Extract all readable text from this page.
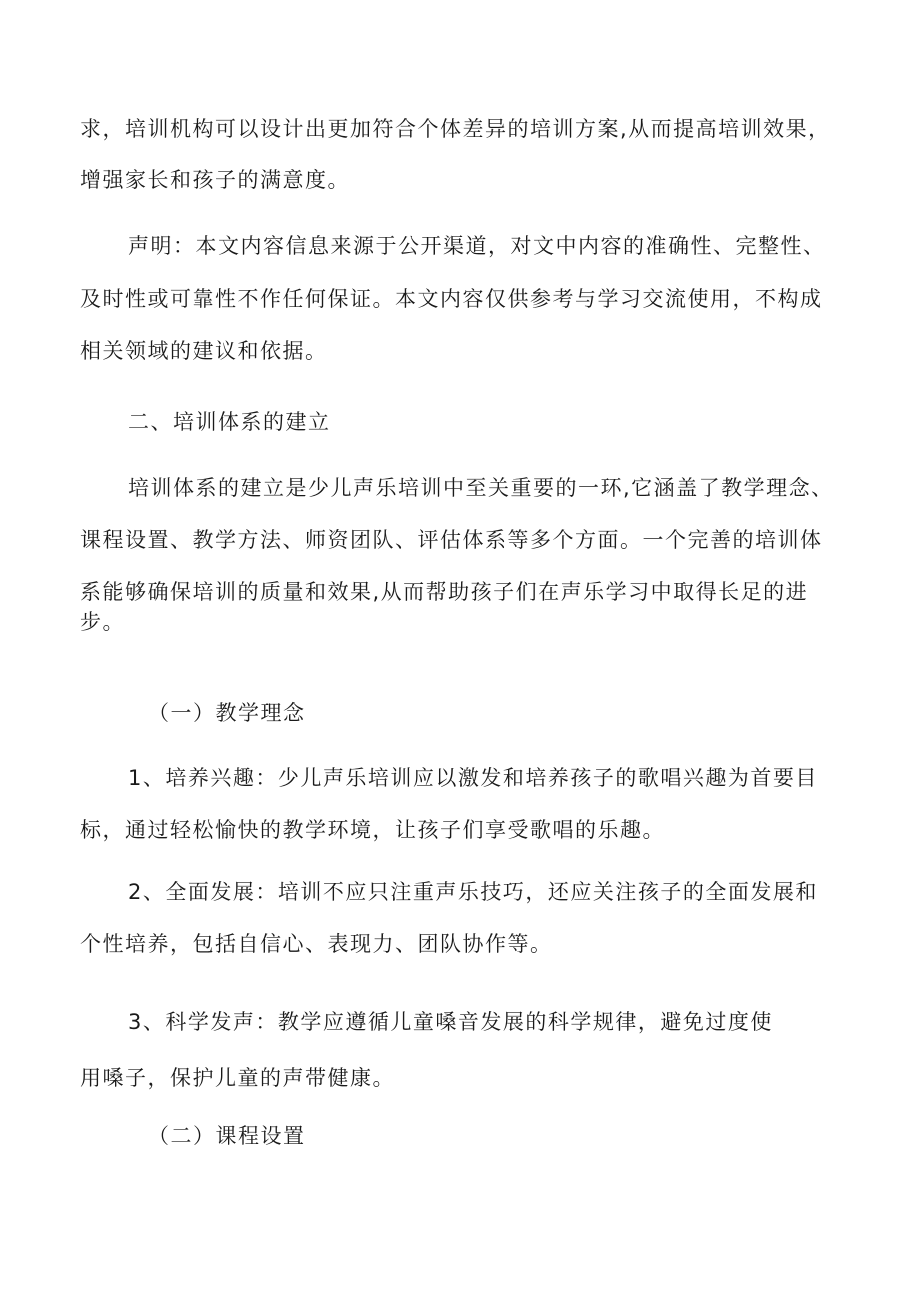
求，培训机构可以设计出更加符合个体差异的培训方案,从而提高培训效果，
增强家长和孩子的满意度。
声明：本文内容信息来源于公开渠道，对文中内容的准确性、完整性、
及时性或可靠性不作任何保证。本文内容仅供参考与学习交流使用，不构成
相关领域的建议和依据。
二、培训体系的建立
培训体系的建立是少儿声乐培训中至关重要的一环,它涵盖了教学理念、
课程设置、教学方法、师资团队、评估体系等多个方面。一个完善的培训体
系能够确保培训的质量和效果,从而帮助孩子们在声乐学习中取得长足的进
步。
（一）教学理念
1、培养兴趣：少儿声乐培训应以激发和培养孩子的歌唱兴趣为首要目
标，通过轻松愉快的教学环境，让孩子们享受歌唱的乐趣。
2、全面发展：培训不应只注重声乐技巧，还应关注孩子的全面发展和
个性培养，包括自信心、表现力、团队协作等。
3、科学发声：教学应遵循儿童嗓音发展的科学规律，避免过度使
用嗓子，保护儿童的声带健康。
（二）课程设置
